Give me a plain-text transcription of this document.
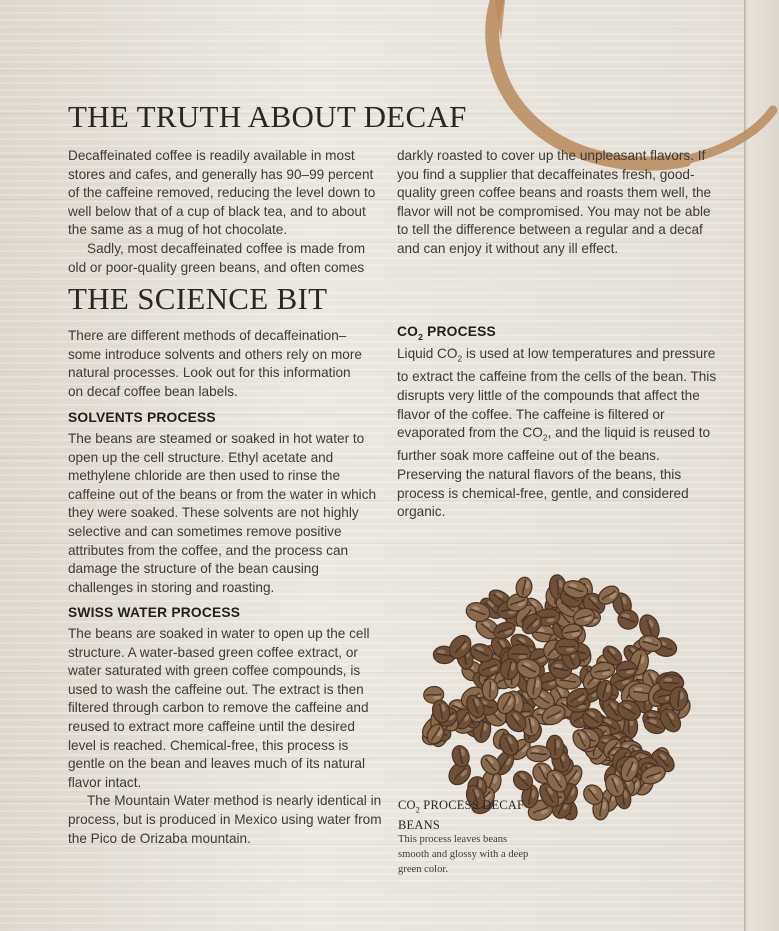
THE TRUTH ABOUT DECAF

Decaffeinated coffee is readily available in most stores and cafes, and generally has 90–99 percent of the caffeine removed, reducing the level down to well below that of a cup of black tea, and to about the same as a mug of hot chocolate.

Sadly, most decaffeinated coffee is made from old or poor-quality green beans, and often comes

darkly roasted to cover up the unpleasant flavors. If you find a supplier that decaffeinates fresh, good-quality green coffee beans and roasts them well, the flavor will not be compromised. You may not be able to tell the difference between a regular and a decaf and can enjoy it without any ill effect.

THE SCIENCE BIT

There are different methods of decaffeination–some introduce solvents and others rely on more natural processes. Look out for this information on decaf coffee bean labels.

SOLVENTS PROCESS

The beans are steamed or soaked in hot water to open up the cell structure. Ethyl acetate and methylene chloride are then used to rinse the caffeine out of the beans or from the water in which they were soaked. These solvents are not highly selective and can sometimes remove positive attributes from the coffee, and the process can damage the structure of the bean causing challenges in storing and roasting.

SWISS WATER PROCESS

The beans are soaked in water to open up the cell structure. A water-based green coffee extract, or water saturated with green coffee compounds, is used to wash the caffeine out. The extract is then filtered through carbon to remove the caffeine and reused to extract more caffeine until the desired level is reached. Chemical-free, this process is gentle on the bean and leaves much of its natural flavor intact.

The Mountain Water method is nearly identical in process, but is produced in Mexico using water from the Pico de Orizaba mountain.

$CO_2$ PROCESS

Liquid $CO_2$ is used at low temperatures and pressure to extract the caffeine from the cells of the bean. This disrupts very little of the compounds that affect the flavor of the coffee. The caffeine is filtered or evaporated from the $CO_2$, and the liquid is reused to further soak more caffeine out of the beans. Preserving the natural flavors of the beans, this process is chemical-free, gentle, and considered organic.

$CO_2$ PROCESS DECAF BEANS

This process leaves beans smooth and glossy with a deep green color.
